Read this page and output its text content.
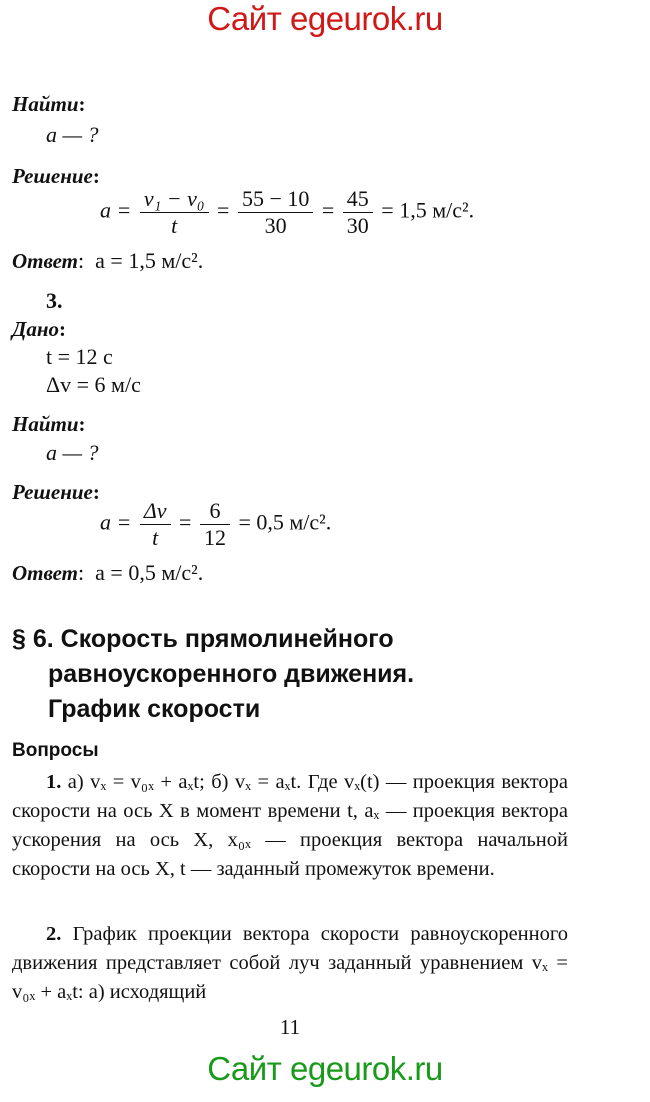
Сайт egeurok.ru
Найти:
a — ?
Решение:
$a = \frac{\text{v₁ − v₀}}{t} = \frac{55 - 10}{30} = \frac{45}{30} = 1,5$ м/с².
Ответ:  a = 1,5 м/с².
3.
Дано:
t = 12 с
Δv = 6 м/с
Найти:
a — ?
Решение:
$a = \frac{\Delta v}{t} = \frac{6}{12} = 0,5$ м/с².
Ответ:  a = 0,5 м/с².
§ 6. Скорость прямолинейного
равноускоренного движения.
График скорости
Вопросы
1. а) vₓ = v₀ₓ + aₓt; б) vₓ = aₓt. Где vₓ(t) — проекция вектора скорости на ось X в момент времени t, aₓ — проекция вектора ускорения на ось X, x₀ₓ — проекция вектора начальной скорости на ось X, t — заданный промежуток времени.
2. График проекции вектора скорости равноускоренного движения представляет собой луч заданный уравнением vₓ = v₀ₓ + aₓt: а) исходящий
11
Сайт egeurok.ru
